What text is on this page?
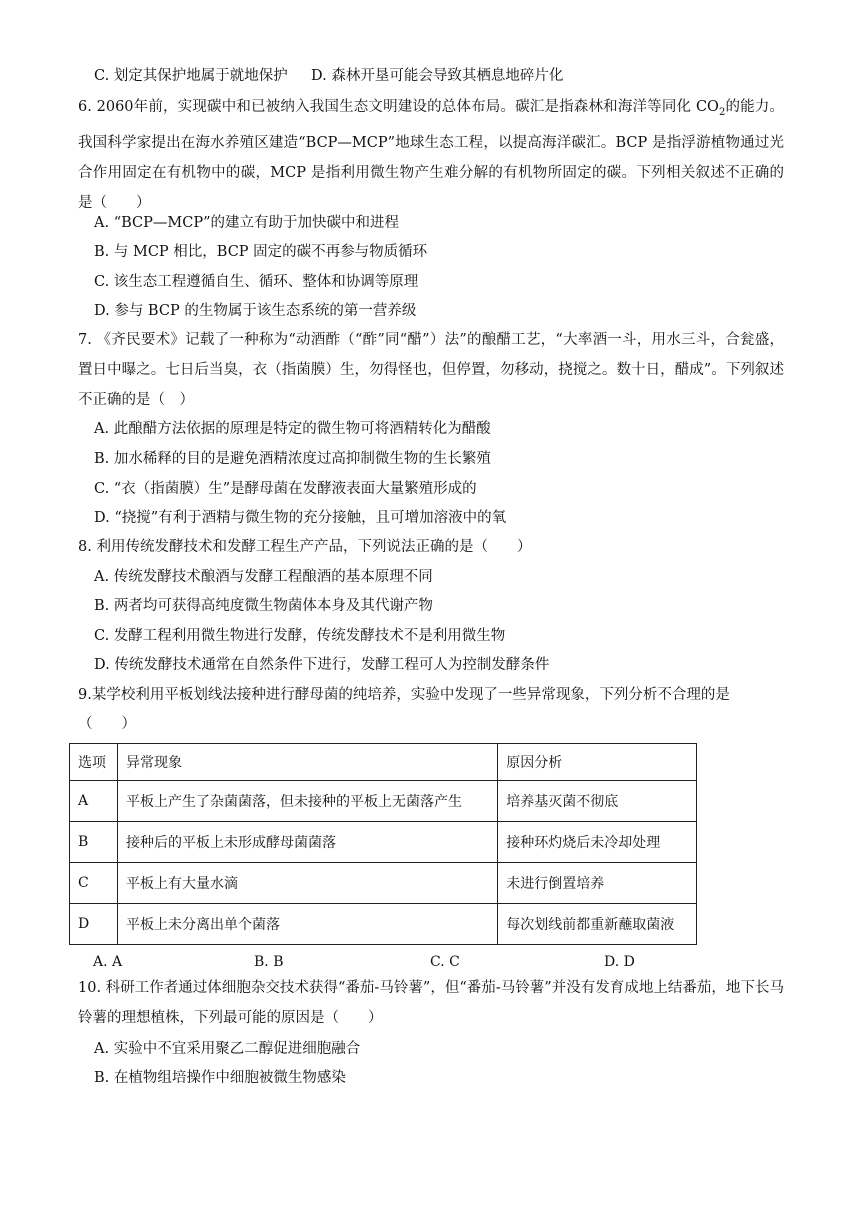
C. 划定其保护地属于就地保护 D. 森林开垦可能会导致其栖息地碎片化
6. 2060年前，实现碳中和已被纳入我国生态文明建设的总体布局。碳汇是指森林和海洋等同化 $CO_2$的能力。我国科学家提出在海水养殖区建造“BCP—MCP”地球生态工程，以提高海洋碳汇。BCP 是指浮游植物通过光合作用固定在有机物中的碳，MCP 是指利用微生物产生难分解的有机物所固定的碳。下列相关叙述不正确的是（　　）
A. “BCP—MCP”的建立有助于加快碳中和进程
B. 与 MCP 相比，BCP 固定的碳不再参与物质循环
C. 该生态工程遵循自生、循环、整体和协调等原理
D. 参与 BCP 的生物属于该生态系统的第一营养级
7. 《齐民要术》记载了一种称为“动酒酢（“酢”同“醋”）法”的酿醋工艺，“大率酒一斗，用水三斗，合瓮盛，置日中曝之。七日后当臭，衣（指菌膜）生，勿得怪也，但停置，勿移动，挠搅之。数十日，醋成”。下列叙述不正确的是（　）
A. 此酿醋方法依据的原理是特定的微生物可将酒精转化为醋酸
B. 加水稀释的目的是避免酒精浓度过高抑制微生物的生长繁殖
C. “衣（指菌膜）生”是酵母菌在发酵液表面大量繁殖形成的
D. “挠搅”有利于酒精与微生物的充分接触，且可增加溶液中的氧
8. 利用传统发酵技术和发酵工程生产产品，下列说法正确的是（　　）
A. 传统发酵技术酿酒与发酵工程酿酒的基本原理不同
B. 两者均可获得高纯度微生物菌体本身及其代谢产物
C. 发酵工程利用微生物进行发酵，传统发酵技术不是利用微生物
D. 传统发酵技术通常在自然条件下进行，发酵工程可人为控制发酵条件
9.某学校利用平板划线法接种进行酵母菌的纯培养，实验中发现了一些异常现象，下列分析不合理的是
（　　）
选项	异常现象	原因分析
A	平板上产生了杂菌菌落，但未接种的平板上无菌落产生	培养基灭菌不彻底
B	接种后的平板上未形成酵母菌菌落	接种环灼烧后未冷却处理
C	平板上有大量水滴	未进行倒置培养
D	平板上未分离出单个菌落	每次划线前都重新蘸取菌液
A. A	B. B	C. C	D. D
10. 科研工作者通过体细胞杂交技术获得“番茄-马铃薯”，但“番茄-马铃薯”并没有发育成地上结番茄，地下长马铃薯的理想植株，下列最可能的原因是（　　）
A. 实验中不宜采用聚乙二醇促进细胞融合
B. 在植物组培操作中细胞被微生物感染
